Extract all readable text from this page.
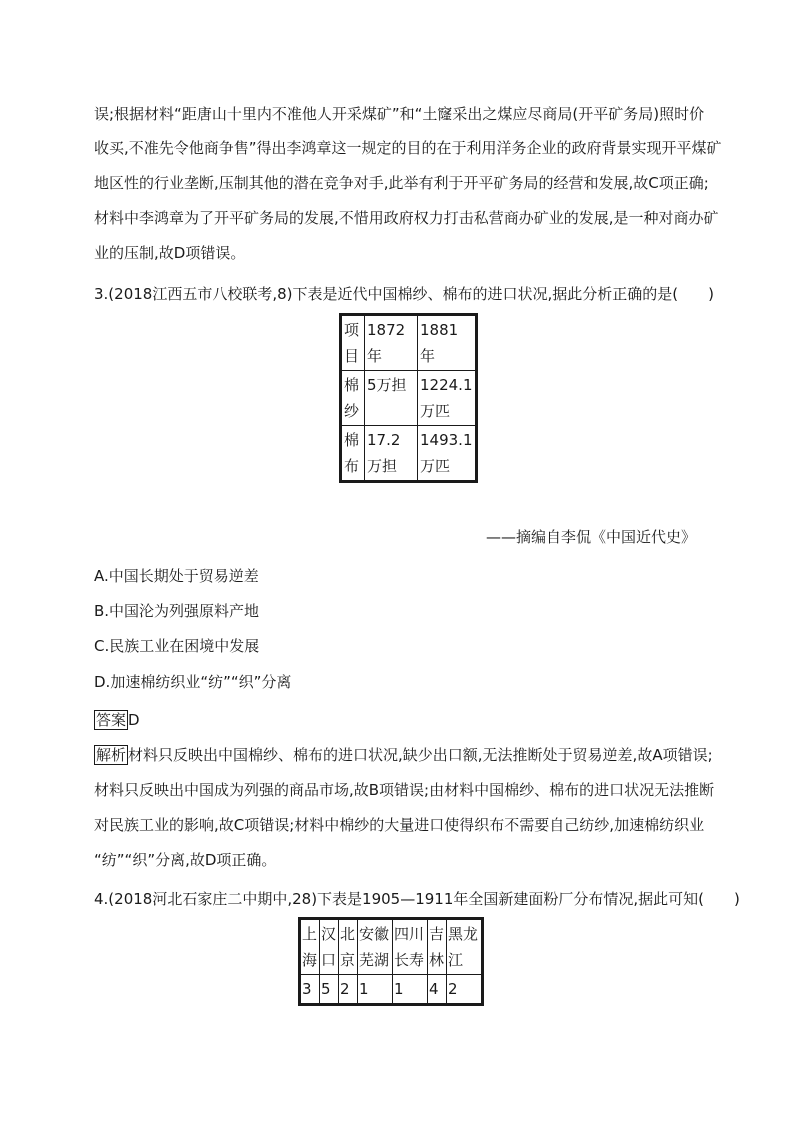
误;根据材料“距唐山十里内不准他人开采煤矿”和“土窿采出之煤应尽商局(开平矿务局)照时价
收买,不准先令他商争售”得出李鸿章这一规定的目的在于利用洋务企业的政府背景实现开平煤矿
地区性的行业垄断,压制其他的潜在竞争对手,此举有利于开平矿务局的经营和发展,故C项正确;
材料中李鸿章为了开平矿务局的发展,不惜用政府权力打击私营商办矿业的发展,是一种对商办矿
业的压制,故D项错误。
3.(2018江西五市八校联考,8)下表是近代中国棉纱、棉布的进口状况,据此分析正确的是(　　)
项目	1872年	1881年
棉纱	5万担	1224.1万匹
棉布	17.2万担	1493.1万匹
——摘编自李侃《中国近代史》
A.中国长期处于贸易逆差
B.中国沦为列强原料产地
C.民族工业在困境中发展
D.加速棉纺织业“纺”“织”分离
答案 D
解析 材料只反映出中国棉纱、棉布的进口状况,缺少出口额,无法推断处于贸易逆差,故A项错误;
材料只反映出中国成为列强的商品市场,故B项错误;由材料中国棉纱、棉布的进口状况无法推断
对民族工业的影响,故C项错误;材料中棉纱的大量进口使得织布不需要自己纺纱,加速棉纺织业
“纺”“织”分离,故D项正确。
4.(2018河北石家庄二中期中,28)下表是1905—1911年全国新建面粉厂分布情况,据此可知(　　)
上海	汉口	北京	安徽芜湖	四川长寿	吉林	黑龙江
3	5	2	1	1	4	2
